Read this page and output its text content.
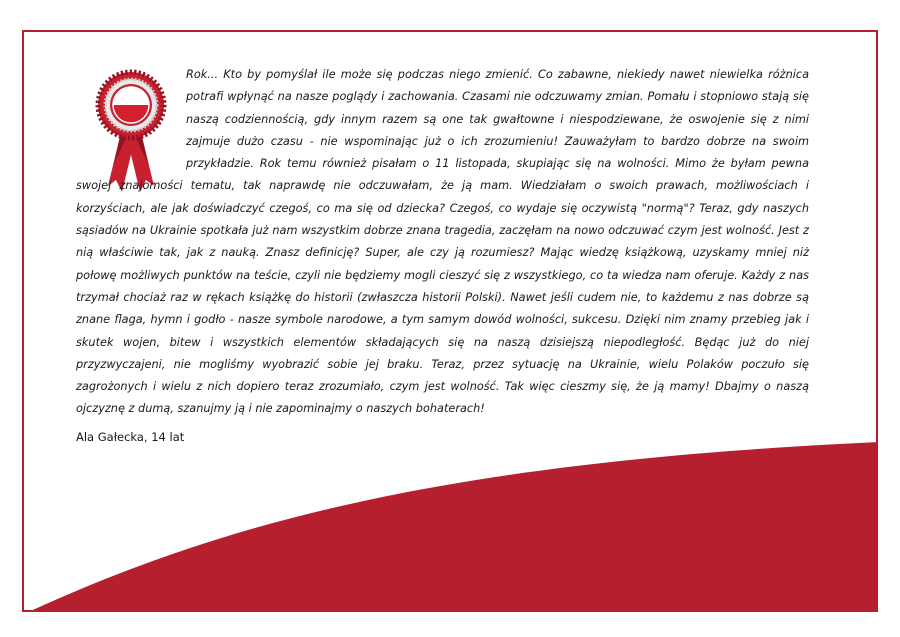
Rok... Kto by pomyślał ile może się podczas niego zmienić. Co zabawne, niekiedy nawet niewielka różnica potrafi wpłynąć na nasze poglądy i zachowania. Czasami nie odczuwamy zmian. Pomału i stopniowo stają się naszą codziennością, gdy innym razem są one tak gwałtowne i niespodziewane, że oswojenie się z nimi zajmuje dużo czasu - nie wspominając już o ich zrozumieniu! Zauważyłam to bardzo dobrze na swoim przykładzie. Rok temu również pisałam o 11 listopada, skupiając się na wolności. Mimo że byłam pewna swojej znajomości tematu, tak naprawdę nie odczuwałam, że ją mam. Wiedziałam o swoich prawach, możliwościach i korzyściach, ale jak doświadczyć czegoś, co ma się od dziecka? Czegoś, co wydaje się oczywistą "normą"? Teraz, gdy naszych sąsiadów na Ukrainie spotkała już nam wszystkim dobrze znana tragedia, zaczęłam na nowo odczuwać czym jest wolność. Jest z nią właściwie tak, jak z nauką. Znasz definicję? Super, ale czy ją rozumiesz? Mając wiedzę książkową, uzyskamy mniej niż połowę możliwych punktów na teście, czyli nie będziemy mogli cieszyć się z wszystkiego, co ta wiedza nam oferuje. Każdy z nas trzymał chociaż raz w rękach książkę do historii (zwłaszcza historii Polski). Nawet jeśli cudem nie, to każdemu z nas dobrze są znane flaga, hymn i godło - nasze symbole narodowe, a tym samym dowód wolności, sukcesu. Dzięki nim znamy przebieg jak i skutek wojen, bitew i wszystkich elementów składających się na naszą dzisiejszą niepodległość. Będąc już do niej przyzwyczajeni, nie mogliśmy wyobrazić sobie jej braku. Teraz, przez sytuację na Ukrainie, wielu Polaków poczuło się zagrożonych i wielu z nich dopiero teraz zrozumiało, czym jest wolność. Tak więc cieszmy się, że ją mamy! Dbajmy o naszą ojczyznę z dumą, szanujmy ją i nie zapominajmy o naszych bohaterach!

Ala Gałecka, 14 lat
